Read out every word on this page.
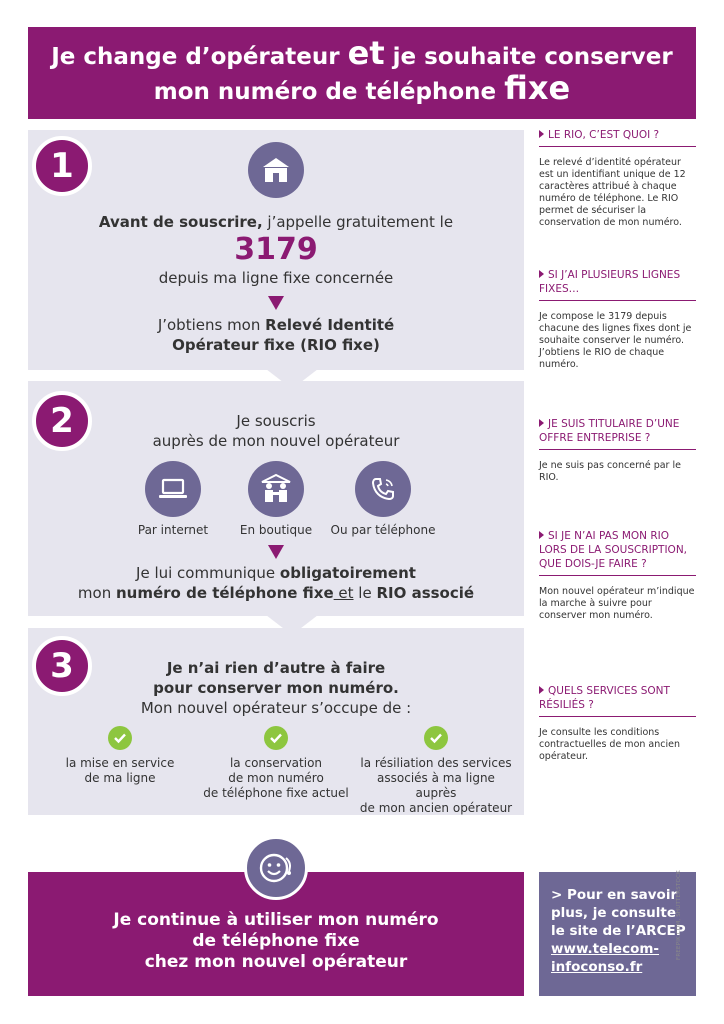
Je change d’opérateur et je souhaite conserver
mon numéro de téléphone fixe
1
Avant de souscrire, j’appelle gratuitement le
3179
depuis ma ligne fixe concernée
J’obtiens mon Relevé Identité
Opérateur fixe (RIO fixe)
2	Je souscris
auprès de mon nouvel opérateur
Par internet	En boutique	Ou par téléphone
Je lui communique obligatoirement
mon numéro de téléphone fixe et le RIO associé
3	Je n’ai rien d’autre à faire
pour conserver mon numéro.
Mon nouvel opérateur s’occupe de :
la mise en service
de ma ligne
la conservation
de mon numéro
de téléphone fixe actuel
la résiliation des services
associés à ma ligne auprès
de mon ancien opérateur
LE RIO, C’EST QUOI ?
Le relevé d’identité opérateur est un identifiant unique de 12 caractères attribué à chaque numéro de téléphone. Le RIO permet de sécuriser la conservation de mon numéro.
SI J’AI PLUSIEURS LIGNES FIXES…
Je compose le 3179 depuis chacune des lignes fixes dont je souhaite conserver le numéro. J’obtiens le RIO de chaque numéro.
JE SUIS TITULAIRE D’UNE OFFRE ENTREPRISE ?
Je ne suis pas concerné par le RIO.
SI JE N’AI PAS MON RIO LORS DE LA SOUSCRIPTION, QUE DOIS-JE FAIRE ?
Mon nouvel opérateur m’indique la marche à suivre pour conserver mon numéro.
QUELS SERVICES SONT RÉSILIÉS ?
Je consulte les conditions contractuelles de mon ancien opérateur.
Je continue à utiliser mon numéro
de téléphone fixe
chez mon nouvel opérateur
> Pour en savoir
plus, je consulte
le site de l’ARCEP
www.telecom-
infoconso.fr
FREEPIK.COM, SHUTTERSTOCK
